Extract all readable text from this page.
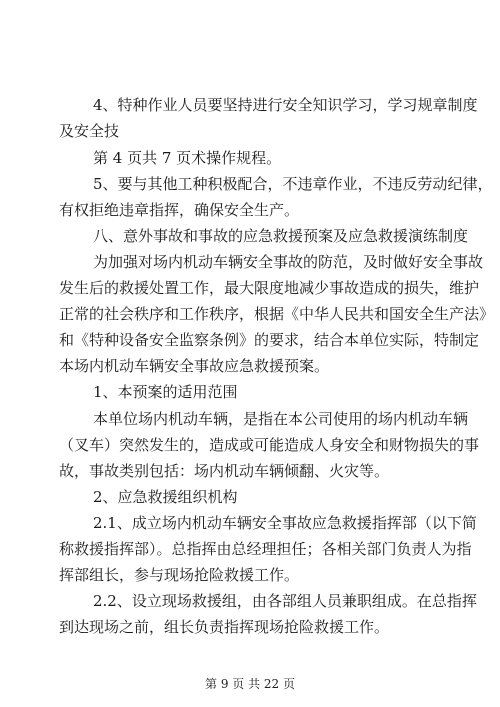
4、特种作业人员要坚持进行安全知识学习，学习规章制度
及安全技
第 4 页共 7 页术操作规程。
5、要与其他工种积极配合，不违章作业，不违反劳动纪律，
有权拒绝违章指挥，确保安全生产。
八、意外事故和事故的应急救援预案及应急救援演练制度
为加强对场内机动车辆安全事故的防范，及时做好安全事故
发生后的救援处置工作，最大限度地减少事故造成的损失，维护
正常的社会秩序和工作秩序，根据《中华人民共和国安全生产法》
和《特种设备安全监察条例》的要求，结合本单位实际，特制定
本场内机动车辆安全事故应急救援预案。
1、本预案的适用范围
本单位场内机动车辆，是指在本公司使用的场内机动车辆
（叉车）突然发生的，造成或可能造成人身安全和财物损失的事
故，事故类别包括：场内机动车辆倾翻、火灾等。
2、应急救援组织机构
2.1、成立场内机动车辆安全事故应急救援指挥部（以下简
称救援指挥部）。总指挥由总经理担任；各相关部门负责人为指
挥部组长，参与现场抢险救援工作。
2.2、设立现场救援组，由各部组人员兼职组成。在总指挥
到达现场之前，组长负责指挥现场抢险救援工作。
第 9 页 共 22 页
